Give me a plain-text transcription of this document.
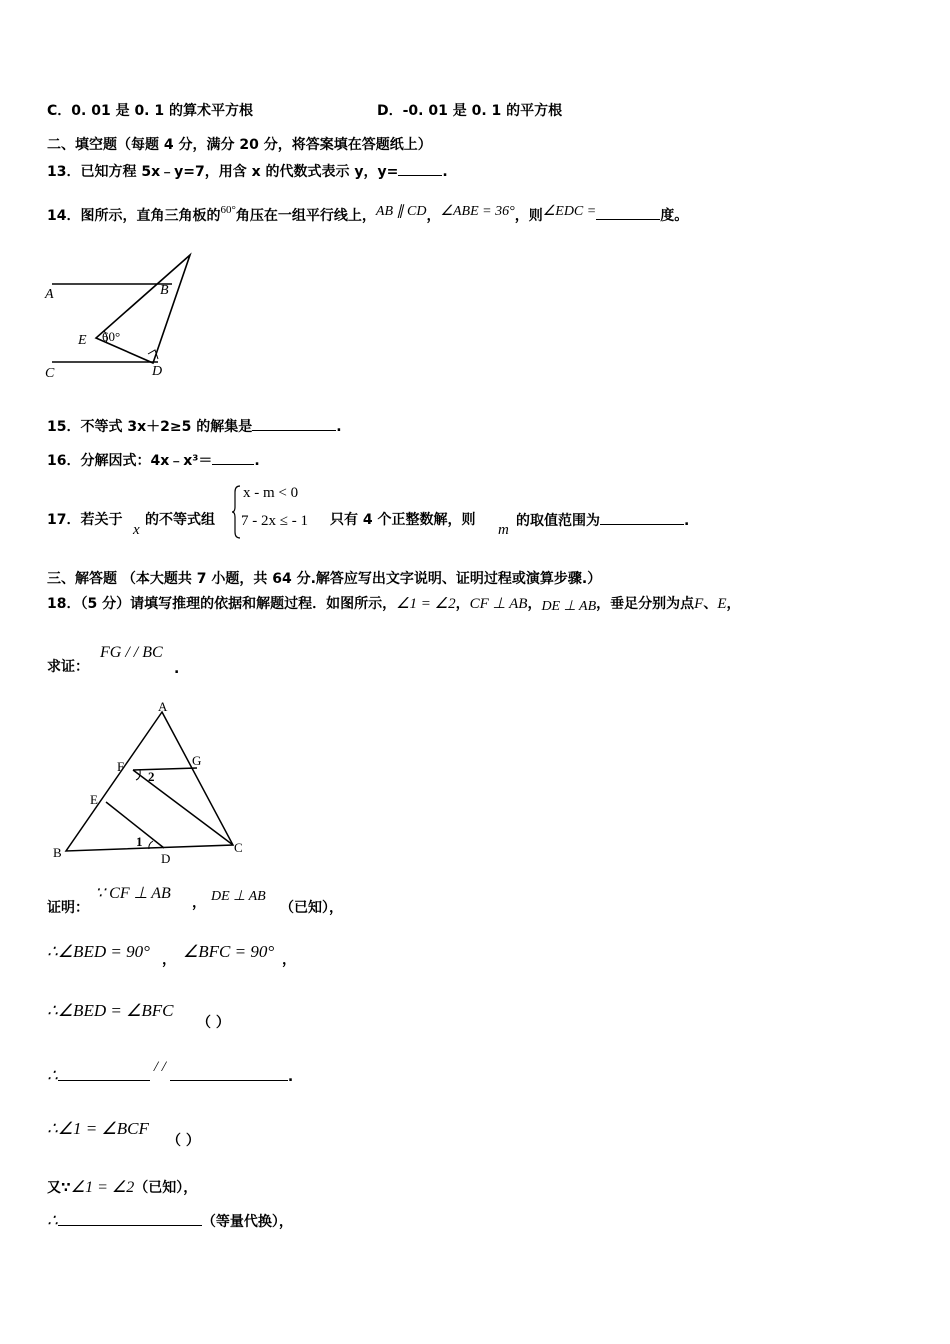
C．0. 01 是 0. 1 的算术平方根	D．-0. 01 是 0. 1 的平方根
二、填空题（每题 4 分，满分 20 分，将答案填在答题纸上）
13．已知方程 5x﹣y=7，用含 x 的代数式表示 y，y=	.
14．图所示，直角三角板的$^{60^\circ}$角压在一组平行线上，AB ∥ CD，∠ABE = 36°，则∠EDC =	度。
A	B
C	D
E 60°
15．不等式 3x＋2≥5 的解集是	.
16．分解因式：4x﹣x³＝	.
17．若关于
x
的不等式组
x - m < 0
7 - 2x ≤ - 1 只有 4 个正整数解，则
m
的取值范围为	.
三、解答题 （本大题共 7 小题，共 64 分.解答应写出文字说明、证明过程或演算步骤.）
18．（5 分）请填写推理的依据和解题过程．如图所示，∠1 = ∠2，CF ⊥ AB，DE ⊥ AB，垂足分别为点F、E，
求证：
FG / / BC
.
A
B	C
D
E
F	G
1
2
证明：
∵ CF ⊥ AB
， DE ⊥ AB
（已知），
∴∠BED = 90° ， ∠BFC = 90° ，
∴∠BED = ∠BFC
（ ）
∴	/ /.
∴∠1 = ∠BCF
（ ）
又∵∠1 = ∠2（已知），
∴	（等量代换），
